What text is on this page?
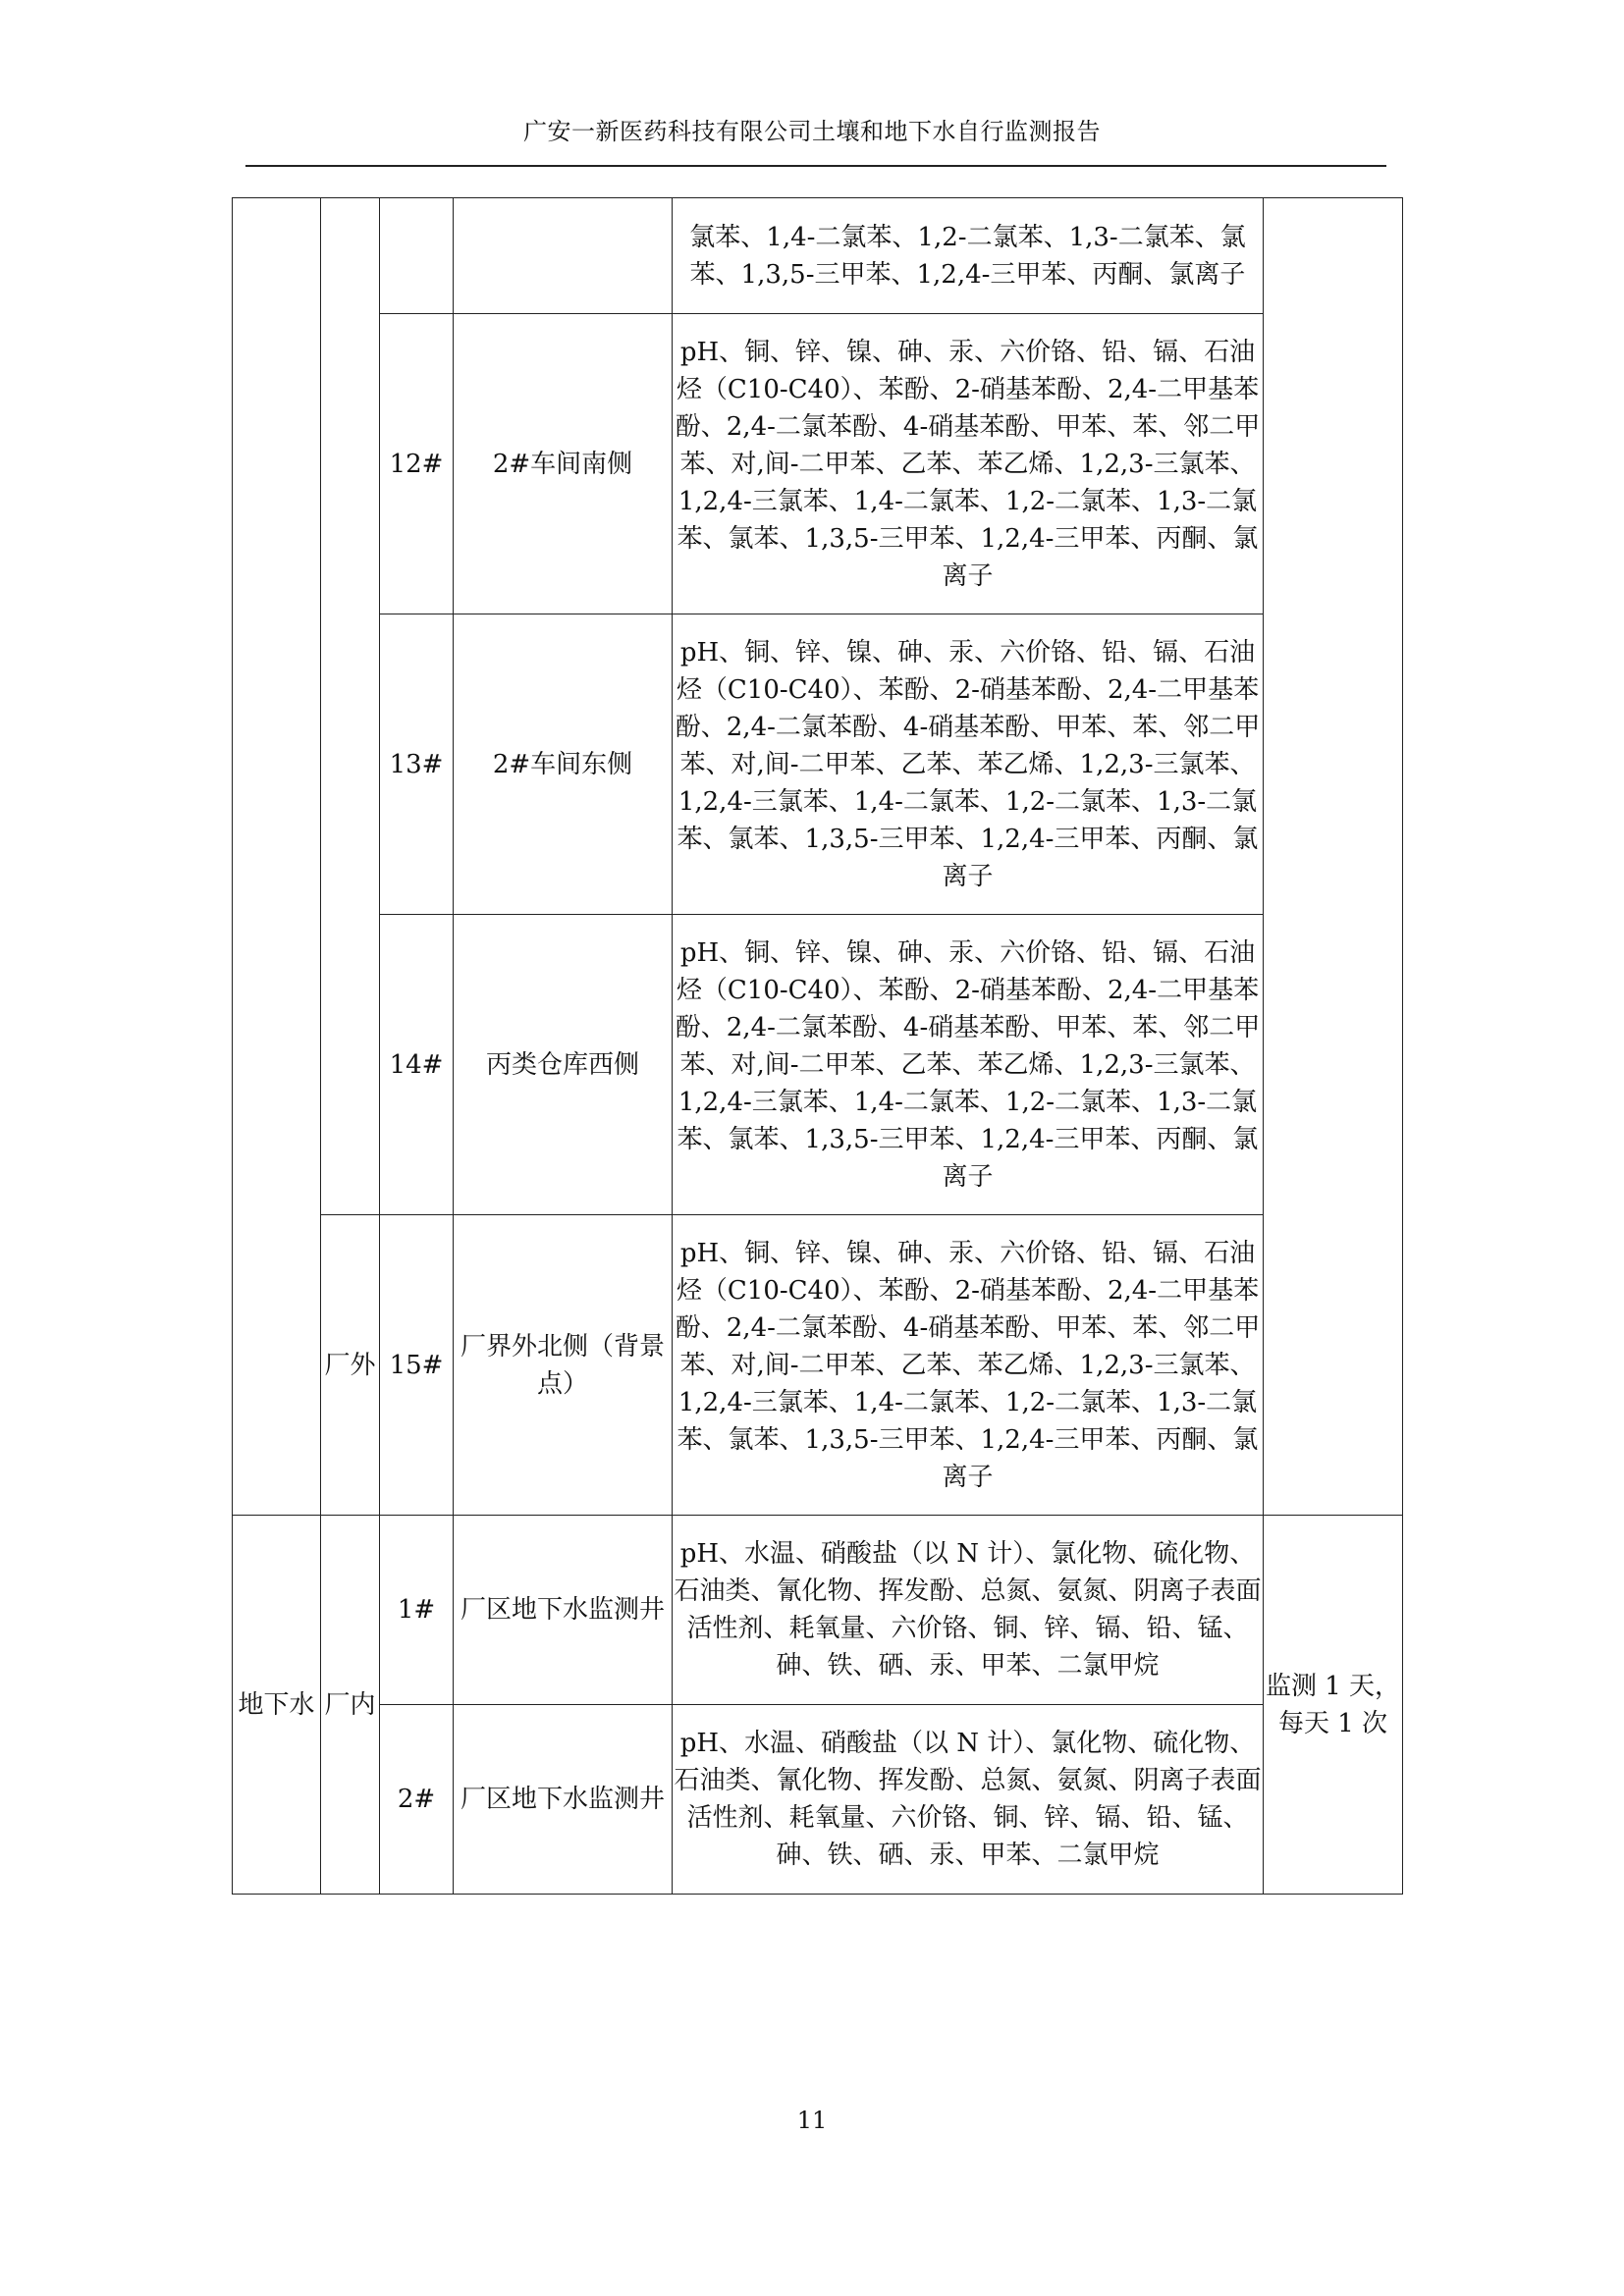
广安一新医药科技有限公司土壤和地下水自行监测报告
				氯苯、1,4-二氯苯、1,2-二氯苯、1,3-二氯苯、氯苯、1,3,5-三甲苯、1,2,4-三甲苯、丙酮、氯离子	
		12#	2#车间南侧	pH、铜、锌、镍、砷、汞、六价铬、铅、镉、石油烃（C10-C40）、苯酚、2-硝基苯酚、2,4-二甲基苯酚、2,4-二氯苯酚、4-硝基苯酚、甲苯、苯、邻二甲苯、对,间-二甲苯、乙苯、苯乙烯、1,2,3-三氯苯、1,2,4-三氯苯、1,4-二氯苯、1,2-二氯苯、1,3-二氯苯、氯苯、1,3,5-三甲苯、1,2,4-三甲苯、丙酮、氯离子	
		13#	2#车间东侧	pH、铜、锌、镍、砷、汞、六价铬、铅、镉、石油烃（C10-C40）、苯酚、2-硝基苯酚、2,4-二甲基苯酚、2,4-二氯苯酚、4-硝基苯酚、甲苯、苯、邻二甲苯、对,间-二甲苯、乙苯、苯乙烯、1,2,3-三氯苯、1,2,4-三氯苯、1,4-二氯苯、1,2-二氯苯、1,3-二氯苯、氯苯、1,3,5-三甲苯、1,2,4-三甲苯、丙酮、氯离子	
		14#	丙类仓库西侧	pH、铜、锌、镍、砷、汞、六价铬、铅、镉、石油烃（C10-C40）、苯酚、2-硝基苯酚、2,4-二甲基苯酚、2,4-二氯苯酚、4-硝基苯酚、甲苯、苯、邻二甲苯、对,间-二甲苯、乙苯、苯乙烯、1,2,3-三氯苯、1,2,4-三氯苯、1,4-二氯苯、1,2-二氯苯、1,3-二氯苯、氯苯、1,3,5-三甲苯、1,2,4-三甲苯、丙酮、氯离子	
	厂外	15#	厂界外北侧（背景点）	pH、铜、锌、镍、砷、汞、六价铬、铅、镉、石油烃（C10-C40）、苯酚、2-硝基苯酚、2,4-二甲基苯酚、2,4-二氯苯酚、4-硝基苯酚、甲苯、苯、邻二甲苯、对,间-二甲苯、乙苯、苯乙烯、1,2,3-三氯苯、1,2,4-三氯苯、1,4-二氯苯、1,2-二氯苯、1,3-二氯苯、氯苯、1,3,5-三甲苯、1,2,4-三甲苯、丙酮、氯离子	
地下水	厂内	1#	厂区地下水监测井	pH、水温、硝酸盐（以 N 计）、氯化物、硫化物、石油类、氰化物、挥发酚、总氮、氨氮、阴离子表面活性剂、耗氧量、六价铬、铜、锌、镉、铅、锰、砷、铁、硒、汞、甲苯、二氯甲烷	监测 1 天，每天 1 次
		2#	厂区地下水监测井	pH、水温、硝酸盐（以 N 计）、氯化物、硫化物、石油类、氰化物、挥发酚、总氮、氨氮、阴离子表面活性剂、耗氧量、六价铬、铜、锌、镉、铅、锰、砷、铁、硒、汞、甲苯、二氯甲烷	
11
